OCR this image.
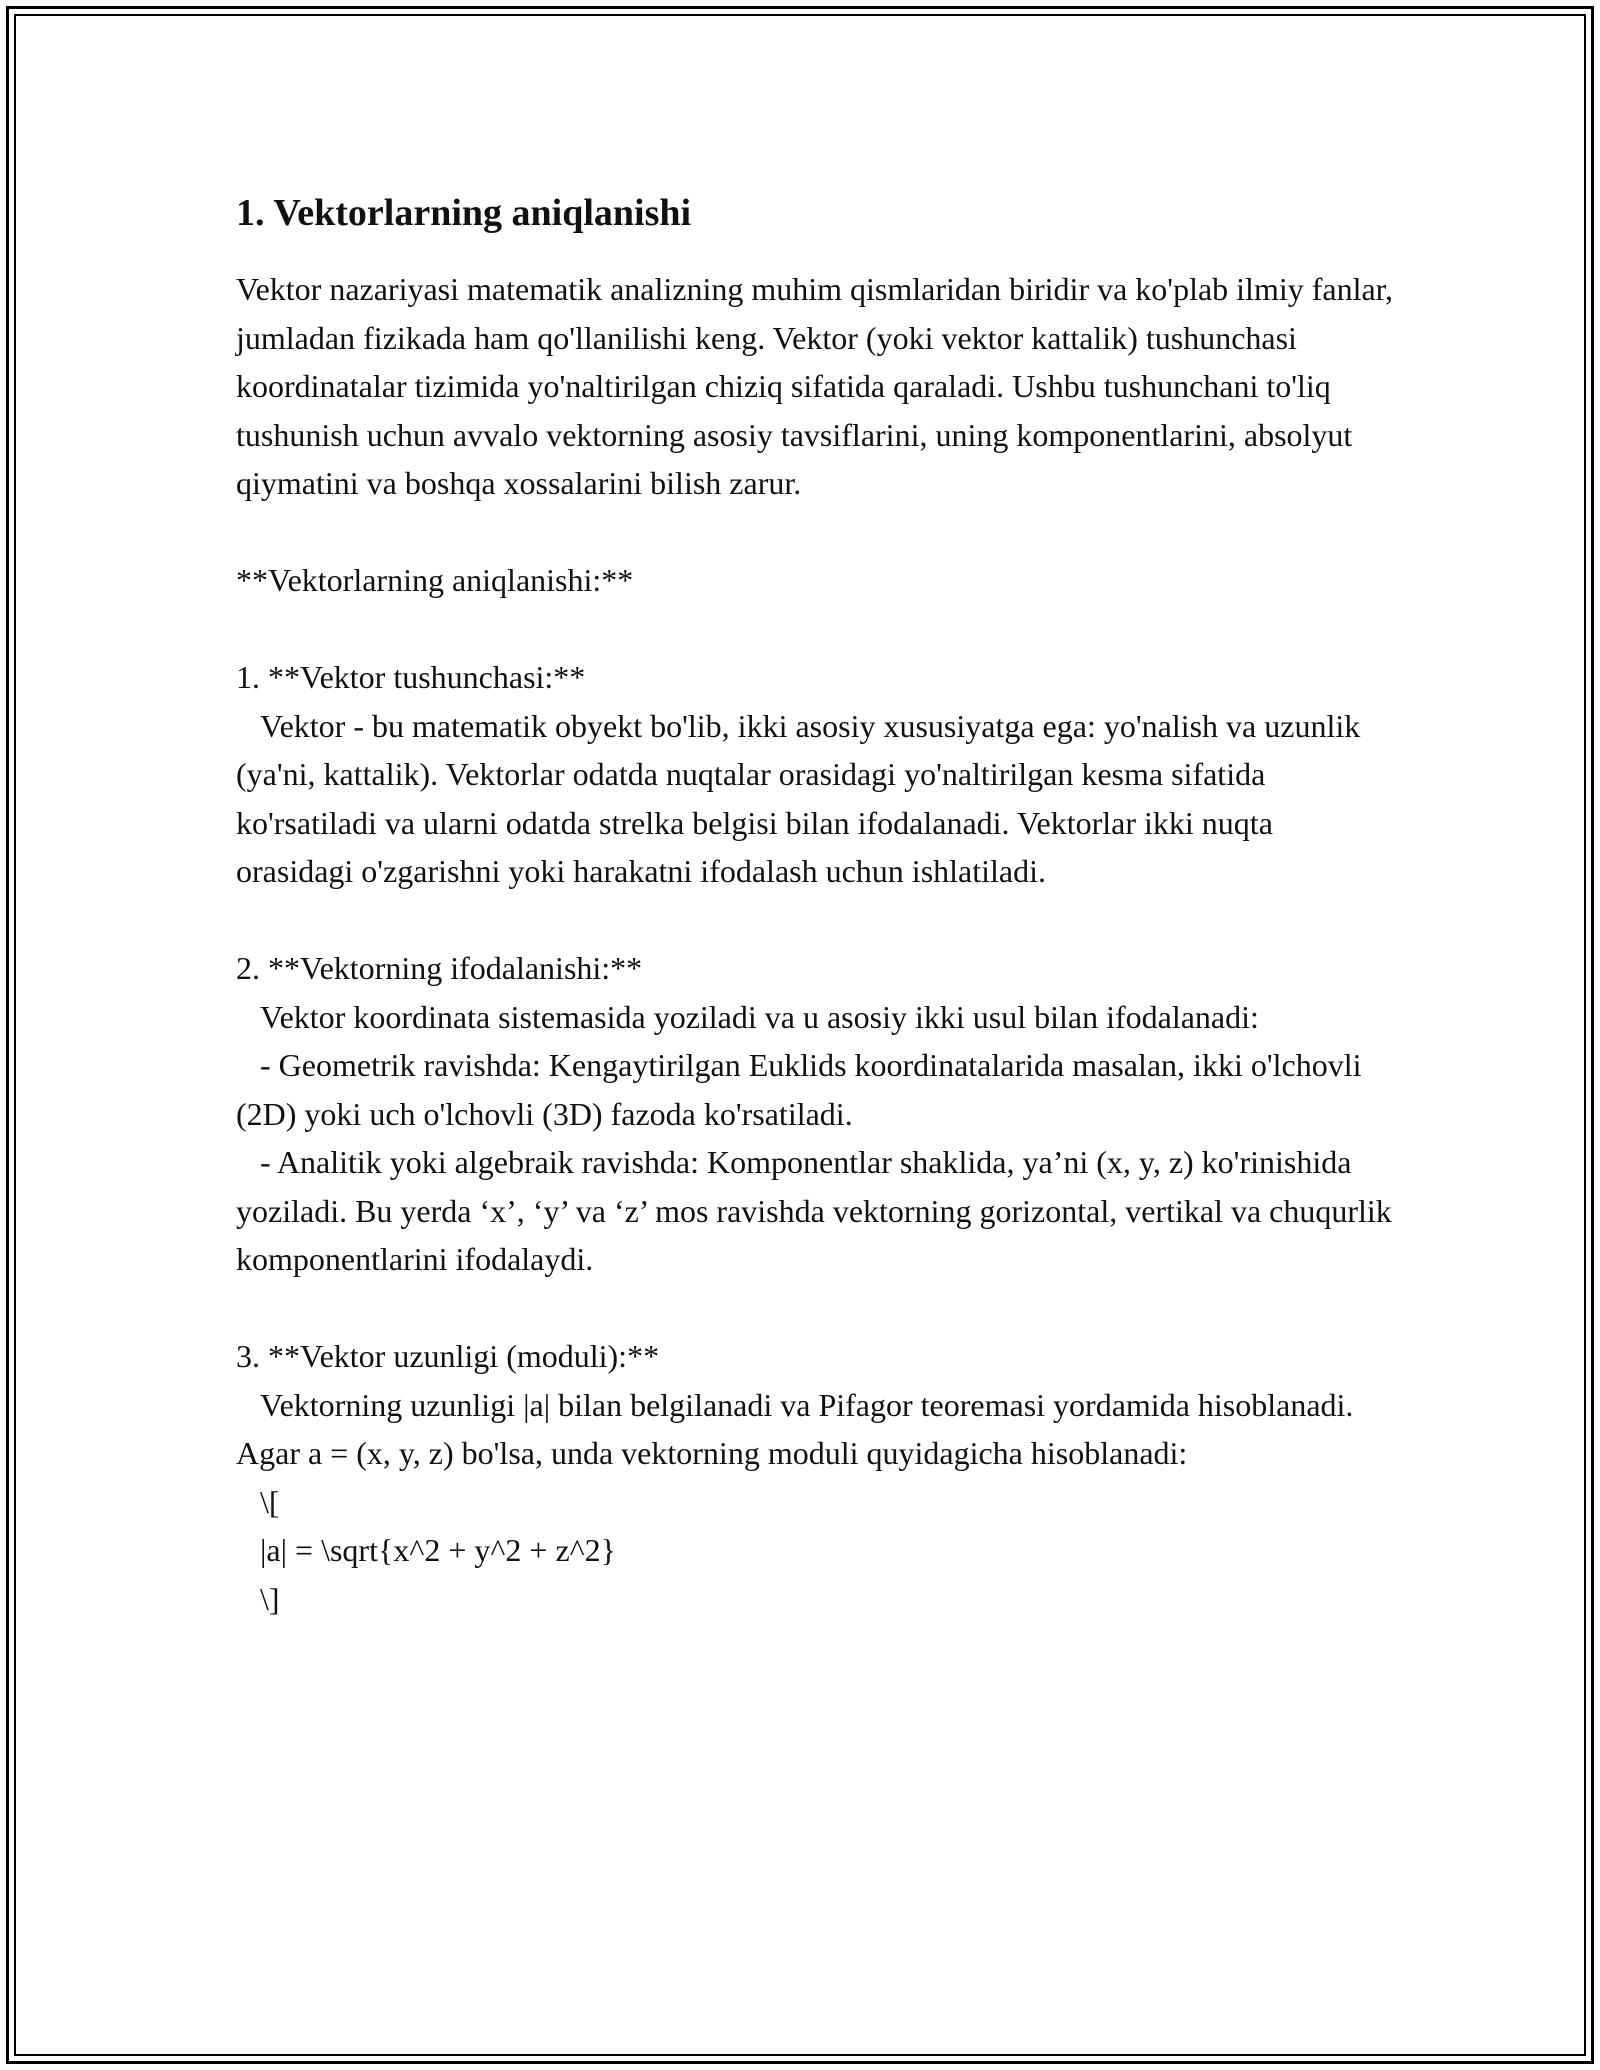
1. Vektorlarning aniqlanishi

Vektor nazariyasi matematik analizning muhim qismlaridan biridir va ko'plab ilmiy fanlar, jumladan fizikada ham qo'llanilishi keng. Vektor (yoki vektor kattalik) tushunchasi koordinatalar tizimida yo'naltirilgan chiziq sifatida qaraladi. Ushbu tushunchani to'liq tushunish uchun avvalo vektorning asosiy tavsiflarini, uning komponentlarini, absolyut qiymatini va boshqa xossalarini bilish zarur.

**Vektorlarning aniqlanishi:**

1. **Vektor tushunchasi:**

Vektor - bu matematik obyekt bo'lib, ikki asosiy xususiyatga ega: yo'nalish va uzunlik (ya'ni, kattalik). Vektorlar odatda nuqtalar orasidagi yo'naltirilgan kesma sifatida ko'rsatiladi va ularni odatda strelka belgisi bilan ifodalanadi. Vektorlar ikki nuqta orasidagi o'zgarishni yoki harakatni ifodalash uchun ishlatiladi.

2. **Vektorning ifodalanishi:**

Vektor koordinata sistemasida yoziladi va u asosiy ikki usul bilan ifodalanadi:

- Geometrik ravishda: Kengaytirilgan Euklids koordinatalarida masalan, ikki o'lchovli (2D) yoki uch o'lchovli (3D) fazoda ko'rsatiladi.

- Analitik yoki algebraik ravishda: Komponentlar shaklida, ya’ni (x, y, z) ko'rinishida yoziladi. Bu yerda ‘x’, ‘y’ va ‘z’ mos ravishda vektorning gorizontal, vertikal va chuqurlik komponentlarini ifodalaydi.

3. **Vektor uzunligi (moduli):**

Vektorning uzunligi |a| bilan belgilanadi va Pifagor teoremasi yordamida hisoblanadi. Agar a = (x, y, z) bo'lsa, unda vektorning moduli quyidagicha hisoblanadi:

\[

|a| = \sqrt{x^2 + y^2 + z^2}

\]
